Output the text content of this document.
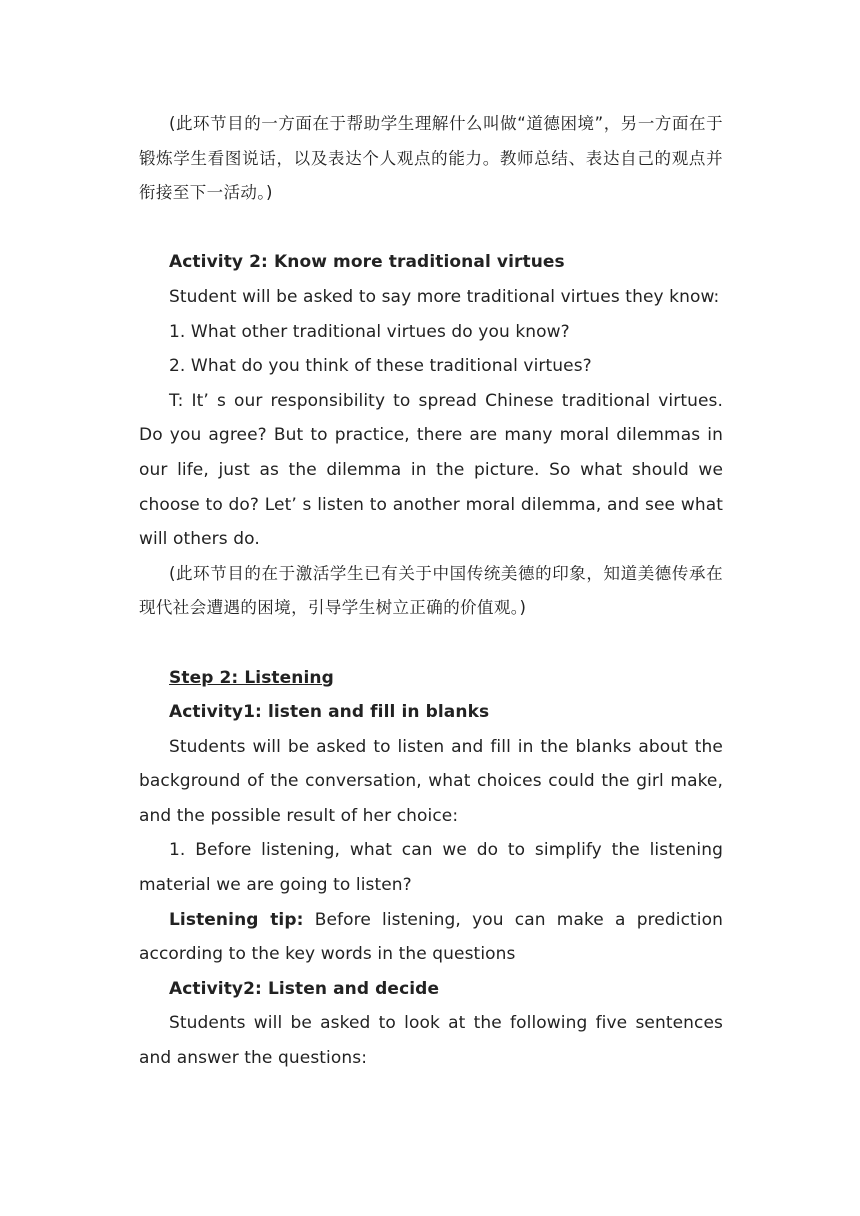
(此环节目的一方面在于帮助学生理解什么叫做“道德困境”，另一方面在于锻炼学生看图说话，以及表达个人观点的能力。教师总结、表达自己的观点并衔接至下一活动。)

Activity 2: Know more traditional virtues

Student will be asked to say more traditional virtues they know:

1. What other traditional virtues do you know?

2. What do you think of these traditional virtues?

T: It’ s our responsibility to spread Chinese traditional virtues. Do you agree? But to practice, there are many moral dilemmas in our life, just as the dilemma in the picture. So what should we choose to do? Let’ s listen to another moral dilemma, and see what will others do.

(此环节目的在于激活学生已有关于中国传统美德的印象，知道美德传承在现代社会遭遇的困境，引导学生树立正确的价值观。)

Step 2: Listening

Activity1: listen and fill in blanks

Students will be asked to listen and fill in the blanks about the background of the conversation, what choices could the girl make, and the possible result of her choice:

1. Before listening, what can we do to simplify the listening material we are going to listen?

Listening tip: Before listening, you can make a prediction according to the key words in the questions

Activity2: Listen and decide

Students will be asked to look at the following five sentences and answer the questions:
